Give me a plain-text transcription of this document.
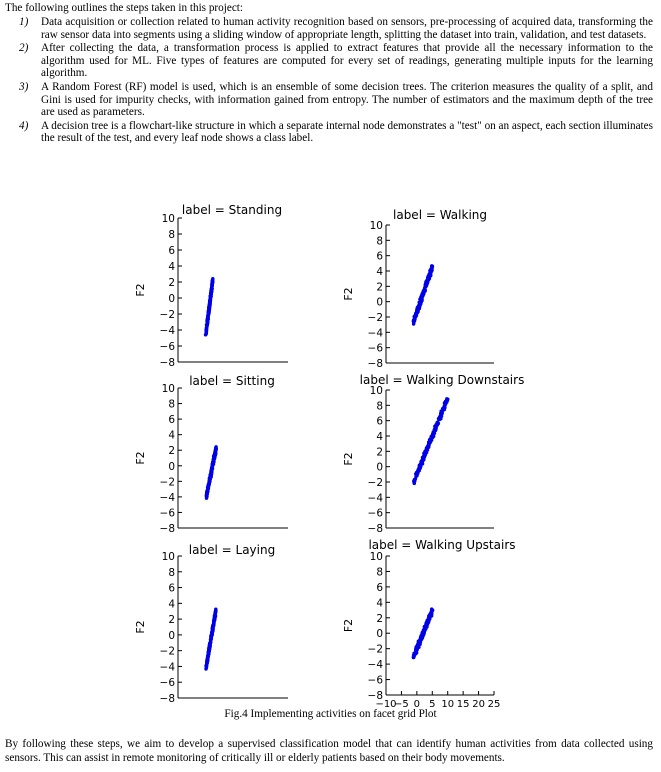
The following outlines the steps taken in this project:
1)	Data acquisition or collection related to human activity recognition based on sensors, pre-processing of acquired data, transforming the raw sensor data into segments using a sliding window of appropriate length, splitting the dataset into train, validation, and test datasets.
2)	After collecting the data, a transformation process is applied to extract features that provide all the necessary information to the algorithm used for ML. Five types of features are computed for every set of readings, generating multiple inputs for the learning algorithm.
3)	A Random Forest (RF) model is used, which is an ensemble of some decision trees. The criterion measures the quality of a split, and Gini is used for impurity checks, with information gained from entropy. The number of estimators and the maximum depth of the tree are used as parameters.
4)	A decision tree is a flowchart-like structure in which a separate internal node demonstrates a "test" on an aspect, each section illuminates the result of the test, and every leaf node shows a class label.
label = Standing
F2
10
8
6
4
2
0
−2
−4
−6
−8
label = Walking
F2
10
8
6
4
2
0
−2
−4
−6
−8
label = Sitting
F2
10
8
6
4
2
0
−2
−4
−6
−8
label = Walking Downstairs
F2
10
8
6
4
2
0
−2
−4
−6
−8
label = Laying
F2
10
8
6
4
2
0
−2
−4
−6
−8
label = Walking Upstairs
F2
10
8
6
4
2
0
−2
−4
−6
−8
−10
−5 0 5 10 15 20 25
Fig.4 Implementing activities on facet grid Plot
By following these steps, we aim to develop a supervised classification model that can identify human activities from data collected using sensors. This can assist in remote monitoring of critically ill or elderly patients based on their body movements.
